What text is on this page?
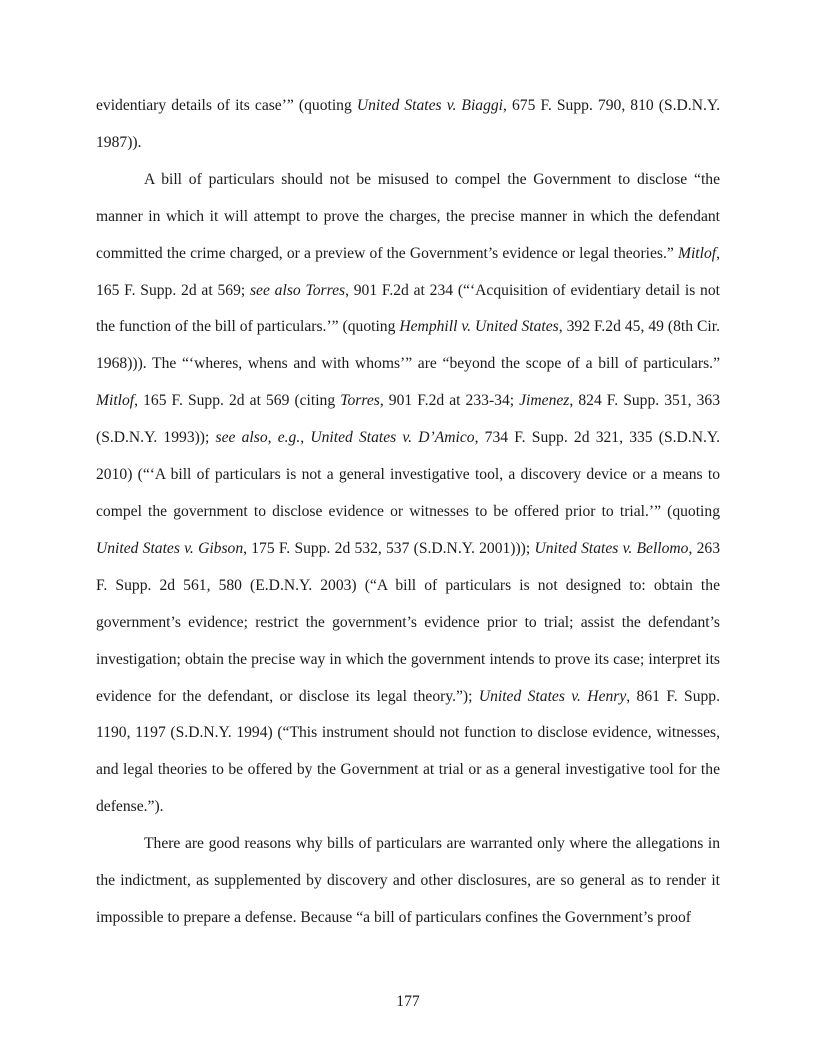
evidentiary details of its case’” (quoting United States v. Biaggi, 675 F. Supp. 790, 810 (S.D.N.Y. 1987)).

A bill of particulars should not be misused to compel the Government to disclose “the manner in which it will attempt to prove the charges, the precise manner in which the defendant committed the crime charged, or a preview of the Government’s evidence or legal theories.” Mitlof, 165 F. Supp. 2d at 569; see also Torres, 901 F.2d at 234 (“‘Acquisition of evidentiary detail is not the function of the bill of particulars.’” (quoting Hemphill v. United States, 392 F.2d 45, 49 (8th Cir. 1968))). The “‘wheres, whens and with whoms’” are “beyond the scope of a bill of particulars.” Mitlof, 165 F. Supp. 2d at 569 (citing Torres, 901 F.2d at 233-34; Jimenez, 824 F. Supp. 351, 363 (S.D.N.Y. 1993)); see also, e.g., United States v. D’Amico, 734 F. Supp. 2d 321, 335 (S.D.N.Y. 2010) (“‘A bill of particulars is not a general investigative tool, a discovery device or a means to compel the government to disclose evidence or witnesses to be offered prior to trial.’” (quoting United States v. Gibson, 175 F. Supp. 2d 532, 537 (S.D.N.Y. 2001))); United States v. Bellomo, 263 F. Supp. 2d 561, 580 (E.D.N.Y. 2003) (“A bill of particulars is not designed to: obtain the government’s evidence; restrict the government’s evidence prior to trial; assist the defendant’s investigation; obtain the precise way in which the government intends to prove its case; interpret its evidence for the defendant, or disclose its legal theory.”); United States v. Henry, 861 F. Supp. 1190, 1197 (S.D.N.Y. 1994) (“This instrument should not function to disclose evidence, witnesses, and legal theories to be offered by the Government at trial or as a general investigative tool for the defense.”).

There are good reasons why bills of particulars are warranted only where the allegations in the indictment, as supplemented by discovery and other disclosures, are so general as to render it impossible to prepare a defense. Because “a bill of particulars confines the Government’s proof

177
